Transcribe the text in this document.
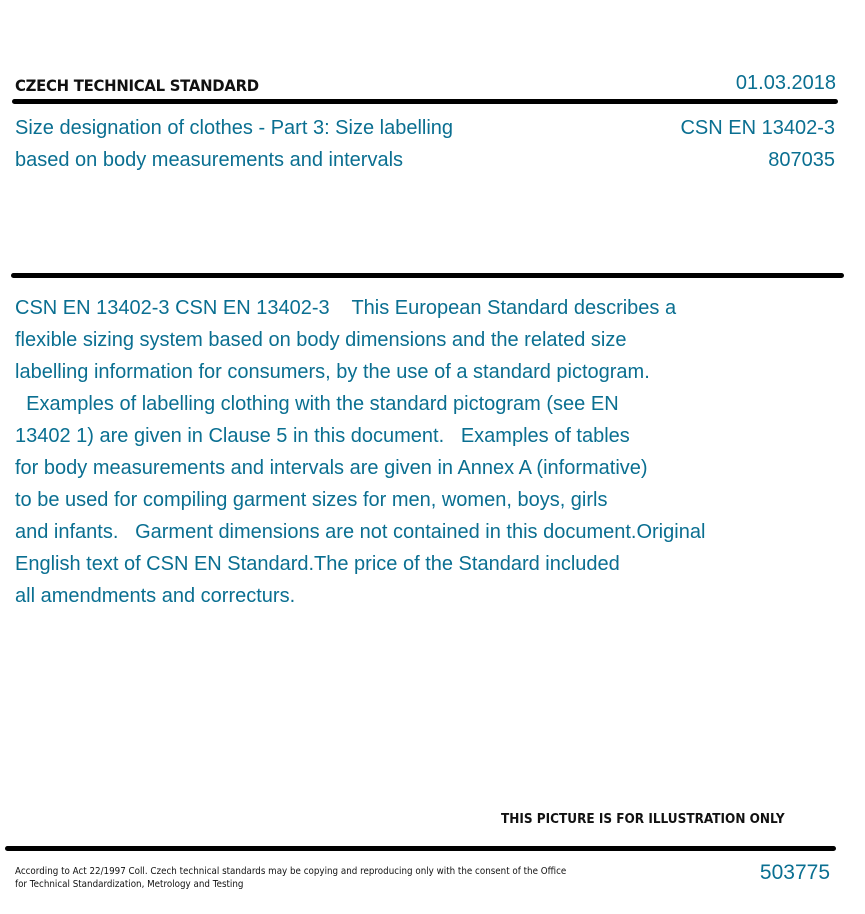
CZECH TECHNICAL STANDARD	01.03.2018
Size designation of clothes - Part 3: Size labelling
based on body measurements and intervals
CSN EN 13402-3
807035
CSN EN 13402-3 CSN EN 13402-3    This European Standard describes a
flexible sizing system based on body dimensions and the related size
labelling information for consumers, by the use of a standard pictogram.
Examples of labelling clothing with the standard pictogram (see EN
13402 1) are given in Clause 5 in this document.   Examples of tables
for body measurements and intervals are given in Annex A (informative)
to be used for compiling garment sizes for men, women, boys, girls
and infants.   Garment dimensions are not contained in this document.Original
English text of CSN EN Standard.The price of the Standard included
all amendments and correcturs.
THIS PICTURE IS FOR ILLUSTRATION ONLY
According to Act 22/1997 Coll. Czech technical standards may be copying and reproducing only with the consent of the Office
for Technical Standardization, Metrology and Testing
503775
